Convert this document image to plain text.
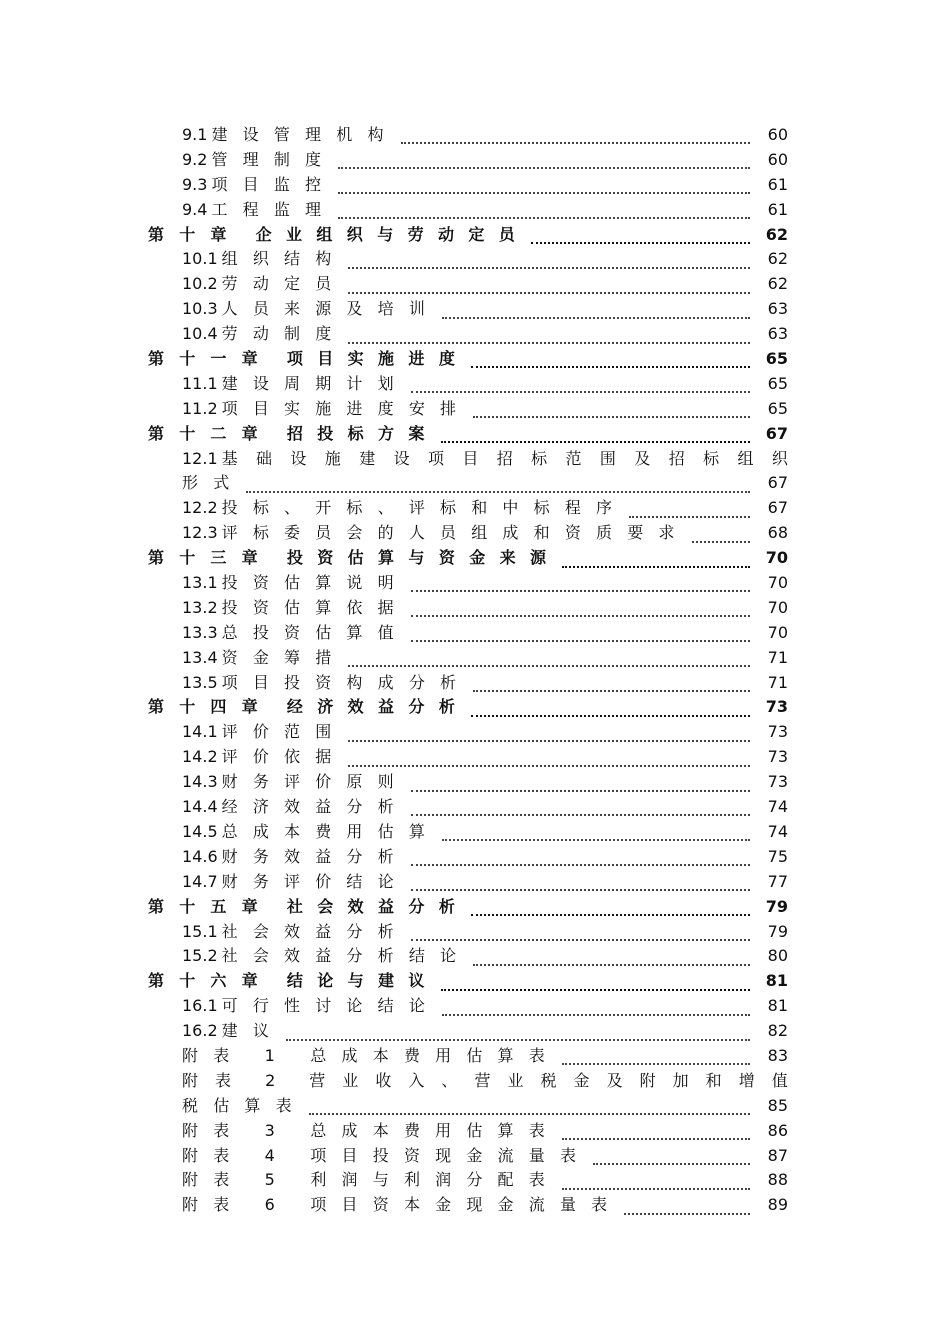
9.1 建设管理机构	60
9.2 管理制度	60
9.3 项目监控	61
9.4 工程监理	61
第十章 企业组织与劳动定员	62
10.1 组织结构	62
10.2 劳动定员	62
10.3 人员来源及培训	63
10.4 劳动制度	63
第十一章 项目实施进度	65
11.1 建设周期计划	65
11.2 项目实施进度安排	65
第十二章 招投标方案	67
12.1 基 础 设 施 建 设 项 目 招 标 范 围 及 招 标 组 织
形式	67
12.2 投标、开标、评标和中标程序	67
12.3 评标委员会的人员组成和资质要求	68
第十三章 投资估算与资金来源	70
13.1 投资估算说明	70
13.2 投资估算依据	70
13.3 总投资估算值	70
13.4 资金筹措	71
13.5 项目投资构成分析	71
第十四章 经济效益分析	73
14.1 评价范围	73
14.2 评价依据	73
14.3 财务评价原则	73
14.4 经济效益分析	74
14.5 总成本费用估算	74
14.6 财务效益分析	75
14.7 财务评价结论	77
第十五章 社会效益分析	79
15.1 社会效益分析	79
15.2 社会效益分析结论	80
第十六章 结论与建议	81
16.1 可行性讨论结论	81
16.2 建议	82
附表 1 总成本费用估算表	83
附 表 2 营 业 收 入 、 营 业 税 金 及 附 加 和 增 值
税估算表	85
附表 3 总成本费用估算表	86
附表 4 项目投资现金流量表	87
附表 5 利润与利润分配表	88
附表 6 项目资本金现金流量表	89
